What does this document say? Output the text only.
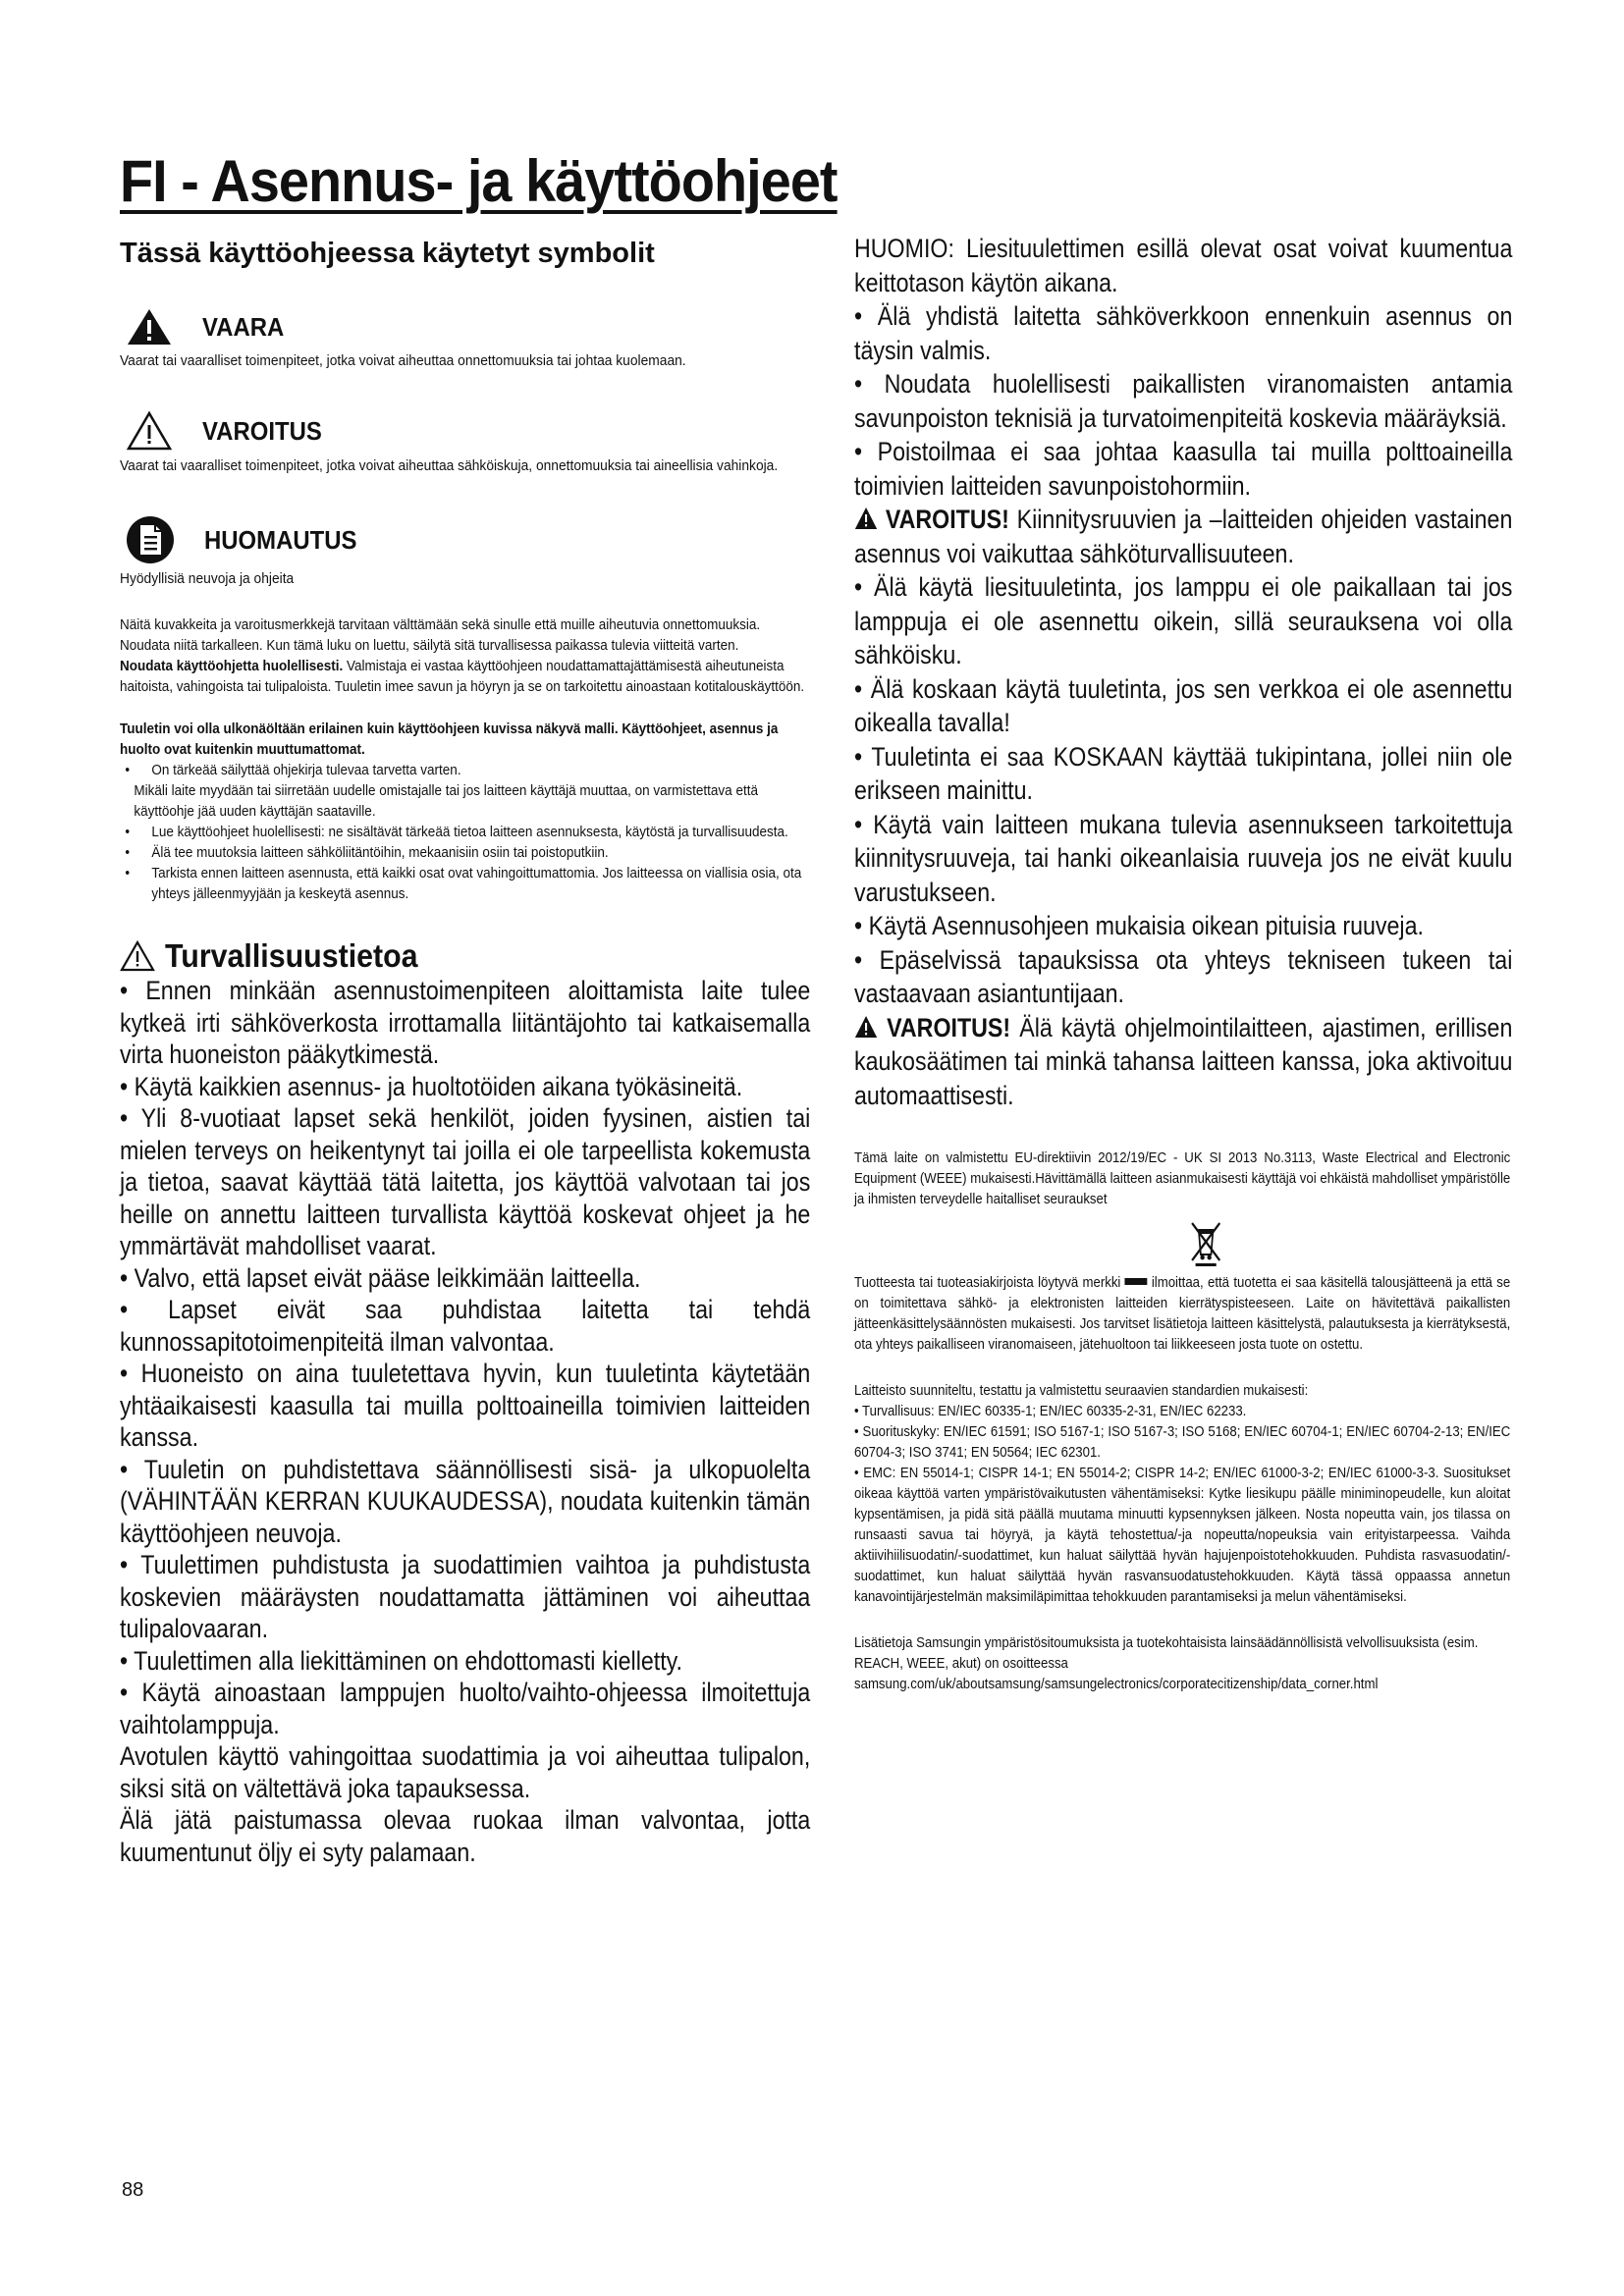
FI - Asennus- ja käyttöohjeet
Tässä käyttöohjeessa käytetyt symbolit
VAARA
Vaarat tai vaaralliset toimenpiteet, jotka voivat aiheuttaa onnettomuuksia tai johtaa kuolemaan.
VAROITUS
Vaarat tai vaaralliset toimenpiteet, jotka voivat aiheuttaa sähköiskuja, onnettomuuksia tai aineellisia vahinkoja.
HUOMAUTUS
Hyödyllisiä neuvoja ja ohjeita

Näitä kuvakkeita ja varoitusmerkkejä tarvitaan välttämään sekä sinulle että muille aiheutuvia onnettomuuksia. Noudata niitä tarkalleen. Kun tämä luku on luettu, säilytä sitä turvallisessa paikassa tulevia viitteitä varten.

Noudata käyttöohjetta huolellisesti. Valmistaja ei vastaa käyttöohjeen noudattamattajättämisestä aiheutuneista haitoista, vahingoista tai tulipaloista. Tuuletin imee savun ja höyryn ja se on tarkoitettu ainoastaan kotitalouskäyttöön.

Tuuletin voi olla ulkonäöltään erilainen kuin käyttöohjeen kuvissa näkyvä malli. Käyttöohjeet, asennus ja huolto ovat kuitenkin muuttumattomat.

• On tärkeää säilyttää ohjekirja tulevaa tarvetta varten.

Mikäli laite myydään tai siirretään uudelle omistajalle tai jos laitteen käyttäjä muuttaa, on varmistettava että käyttöohje jää uuden käyttäjän saataville.

• Lue käyttöohjeet huolellisesti: ne sisältävät tärkeää tietoa laitteen asennuksesta, käytöstä ja turvallisuudesta.
• Älä tee muutoksia laitteen sähköliitäntöihin, mekaanisiin osiin tai poistoputkiin.
• Tarkista ennen laitteen asennusta, että kaikki osat ovat vahingoittumattomia. Jos laitteessa on viallisia osia, ota yhteys jälleenmyyjään ja keskeytä asennus.
Turvallisuustietoa

• Ennen minkään asennustoimenpiteen aloittamista laite tulee kytkeä irti sähköverkosta irrottamalla liitäntäjohto tai katkaisemalla virta huoneiston pääkytkimestä.

• Käytä kaikkien asennus- ja huoltotöiden aikana työkäsineitä.

• Yli 8-vuotiaat lapset sekä henkilöt, joiden fyysinen, aistien tai mielen terveys on heikentynyt tai joilla ei ole tarpeellista kokemusta ja tietoa, saavat käyttää tätä laitetta, jos käyttöä valvotaan tai jos heille on annettu laitteen turvallista käyttöä koskevat ohjeet ja he ymmärtävät mahdolliset vaarat.

• Valvo, että lapset eivät pääse leikkimään laitteella.

• Lapset eivät saa puhdistaa laitetta tai tehdä kunnossapitotoimenpiteitä ilman valvontaa.

• Huoneisto on aina tuuletettava hyvin, kun tuuletinta käytetään yhtäaikaisesti kaasulla tai muilla polttoaineilla toimivien laitteiden kanssa.

• Tuuletin on puhdistettava säännöllisesti sisä- ja ulkopuolelta (VÄHINTÄÄN KERRAN KUUKAUDESSA), noudata kuitenkin tämän käyttöohjeen neuvoja.

• Tuulettimen puhdistusta ja suodattimien vaihtoa ja puhdistusta koskevien määräysten noudattamatta jättäminen voi aiheuttaa tulipalovaaran.

• Tuulettimen alla liekittäminen on ehdottomasti kielletty.

• Käytä ainoastaan lamppujen huolto/vaihto-ohjeessa ilmoitettuja vaihtolamppuja.

Avotulen käyttö vahingoittaa suodattimia ja voi aiheuttaa tulipalon, siksi sitä on vältettävä joka tapauksessa.

Älä jätä paistumassa olevaa ruokaa ilman valvontaa, jotta kuumentunut öljy ei syty palamaan.

HUOMIO: Liesituulettimen esillä olevat osat voivat kuumentua keittotason käytön aikana.

• Älä yhdistä laitetta sähköverkkoon ennenkuin asennus on täysin valmis.

• Noudata huolellisesti paikallisten viranomaisten antamia savunpoiston teknisiä ja turvatoimenpiteitä koskevia määräyksiä.

• Poistoilmaa ei saa johtaa kaasulla tai muilla polttoaineilla toimivien laitteiden savunpoistohormiin.

VAROITUS! Kiinnitysruuvien ja –laitteiden ohjeiden vastainen asennus voi vaikuttaa sähköturvallisuuteen.

• Älä käytä liesituuletinta, jos lamppu ei ole paikallaan tai jos lamppuja ei ole asennettu oikein, sillä seurauksena voi olla sähköisku.

• Älä koskaan käytä tuuletinta, jos sen verkkoa ei ole asennettu oikealla tavalla!

• Tuuletinta ei saa KOSKAAN käyttää tukipintana, jollei niin ole erikseen mainittu.

• Käytä vain laitteen mukana tulevia asennukseen tarkoitettuja kiinnitysruuveja, tai hanki oikeanlaisia ruuveja jos ne eivät kuulu varustukseen.

• Käytä Asennusohjeen mukaisia oikean pituisia ruuveja.

• Epäselvissä tapauksissa ota yhteys tekniseen tukeen tai vastaavaan asiantuntijaan.

VAROITUS! Älä käytä ohjelmointilaitteen, ajastimen, erillisen kaukosäätimen tai minkä tahansa laitteen kanssa, joka aktivoituu automaattisesti.

Tämä laite on valmistettu EU-direktiivin 2012/19/EC - UK SI 2013 No.3113, Waste Electrical and Electronic Equipment (WEEE) mukaisesti.Hävittämällä laitteen asianmukaisesti käyttäjä voi ehkäistä mahdolliset ympäristölle ja ihmisten terveydelle haitalliset seuraukset

Tuotteesta tai tuoteasiakirjoista löytyvä merkki  ilmoittaa, että tuotetta ei saa käsitellä talousjätteenä ja että se on toimitettava sähkö- ja elektronisten laitteiden kierrätyspisteeseen. Laite on hävitettävä paikallisten jätteenkäsittelysäännösten mukaisesti. Jos tarvitset lisätietoja laitteen käsittelystä, palautuksesta ja kierrätyksestä, ota yhteys paikalliseen viranomaiseen, jätehuoltoon tai liikkeeseen josta tuote on ostettu.

Laitteisto suunniteltu, testattu ja valmistettu seuraavien standardien mukaisesti:

• Turvallisuus: EN/IEC 60335-1; EN/IEC 60335-2-31, EN/IEC 62233.

• Suorituskyky: EN/IEC 61591; ISO 5167-1; ISO 5167-3; ISO 5168; EN/IEC 60704-1; EN/IEC 60704-2-13; EN/IEC 60704-3; ISO 3741; EN 50564; IEC 62301.

• EMC: EN 55014-1; CISPR 14-1; EN 55014-2; CISPR 14-2; EN/IEC 61000-3-2; EN/IEC 61000-3-3. Suositukset oikeaa käyttöä varten ympäristövaikutusten vähentämiseksi: Kytke liesikupu päälle miniminopeudelle, kun aloitat kypsentämisen, ja pidä sitä päällä muutama minuutti kypsennyksen jälkeen. Nosta nopeutta vain, jos tilassa on runsaasti savua tai höyryä, ja käytä tehostettua/-ja nopeutta/nopeuksia vain erityistarpeessa. Vaihda aktiivihiilisuodatin/-suodattimet, kun haluat säilyttää hyvän hajujenpoistotehokkuuden. Puhdista rasvasuodatin/-suodattimet, kun haluat säilyttää hyvän rasvansuodatustehokkuuden. Käytä tässä oppaassa annetun kanavointijärjestelmän maksimiläpimittaa tehokkuuden parantamiseksi ja melun vähentämiseksi.

Lisätietoja Samsungin ympäristösitoumuksista ja tuotekohtaisista lainsäädännöllisistä velvollisuuksista (esim. REACH, WEEE, akut) on osoitteessa samsung.com/uk/aboutsamsung/samsungelectronics/corporatecitizenship/data_corner.html

88
